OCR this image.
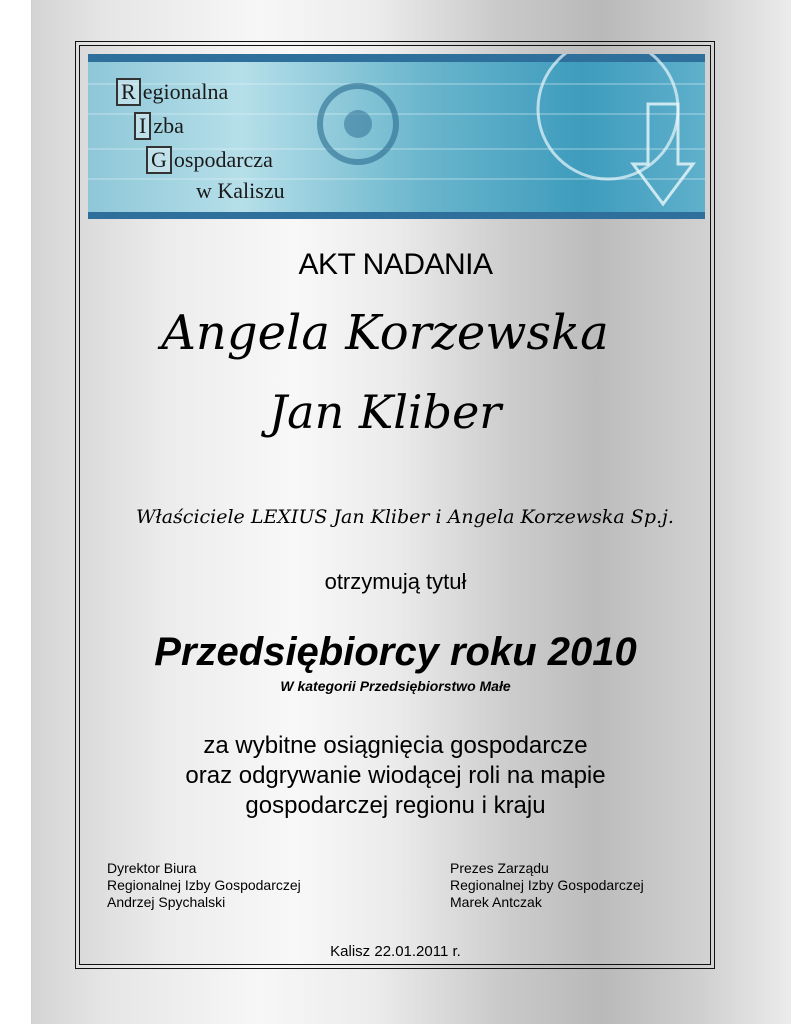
R egionalna
I zba
G ospodarcza
w Kaliszu
AKT NADANIA
Angela Korzewska
Jan Kliber
Właściciele LEXIUS Jan Kliber i Angela Korzewska Sp.j.
otrzymują tytuł
Przedsiębiorcy roku 2010
W kategorii Przedsiębiorstwo Małe
za wybitne osiągnięcia gospodarcze
oraz odgrywanie wiodącej roli na mapie
gospodarczej regionu i kraju
Dyrektor Biura
Regionalnej Izby Gospodarczej
Andrzej Spychalski
Prezes Zarządu
Regionalnej Izby Gospodarczej
Marek Antczak
Kalisz 22.01.2011 r.
